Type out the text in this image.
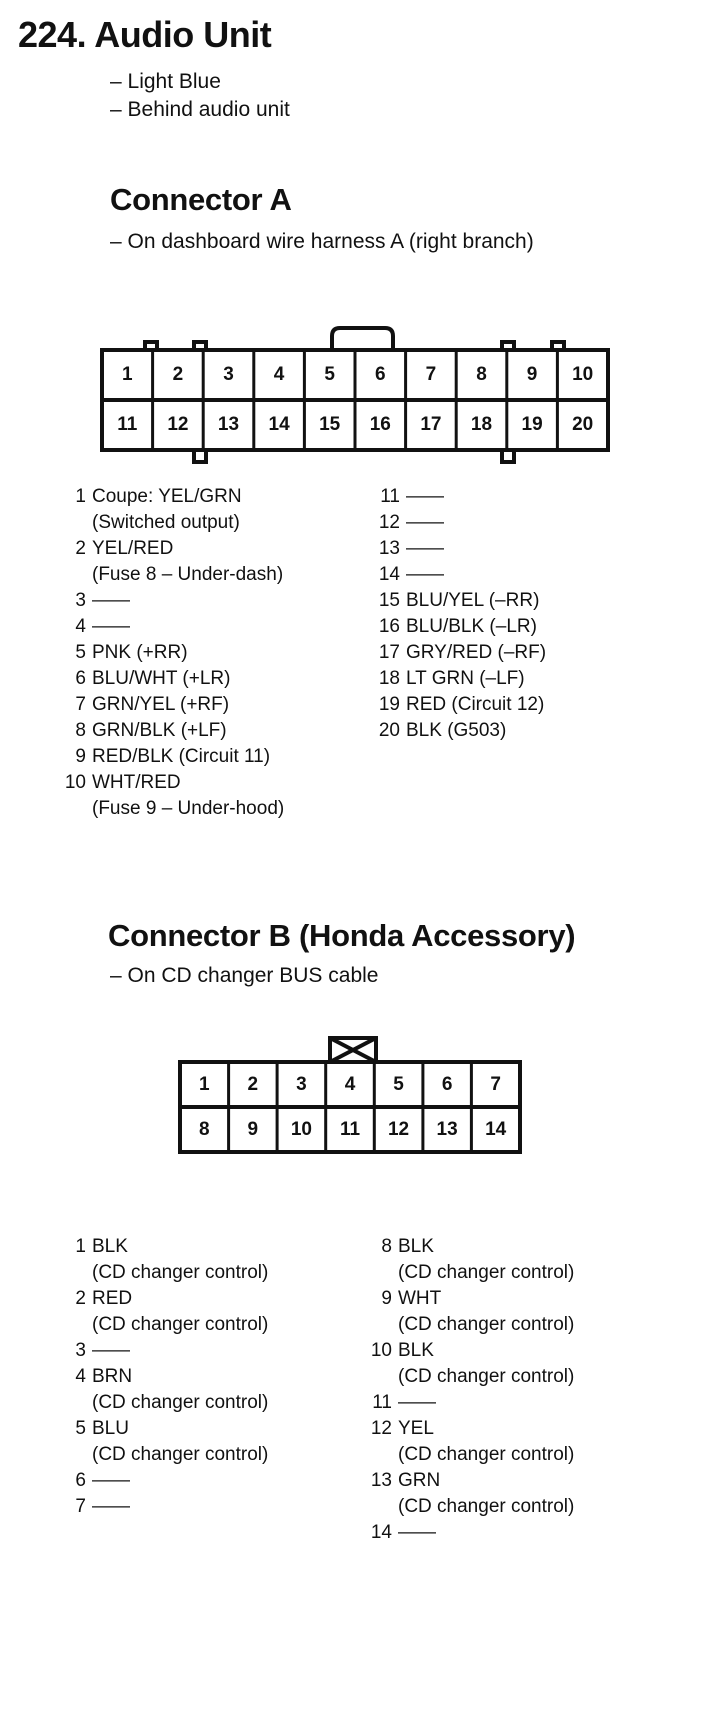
224. Audio Unit
– Light Blue
– Behind audio unit
Connector A
– On dashboard wire harness A (right branch)
1	2	3	4	5	6	7	8	9	10
11	12	13	14	15	16	17	18	19	20
1 Coupe: YEL/GRN
(Switched output)
2 YEL/RED
(Fuse 8 – Under-dash)
3 ——
4 ——
5 PNK (+RR)
6 BLU/WHT (+LR)
7 GRN/YEL (+RF)
8 GRN/BLK (+LF)
9 RED/BLK (Circuit 11)
10 WHT/RED
(Fuse 9 – Under-hood)
11 ——
12 ——
13 ——
14 ——
15 BLU/YEL (–RR)
16 BLU/BLK (–LR)
17 GRY/RED (–RF)
18 LT GRN (–LF)
19 RED (Circuit 12)
20 BLK (G503)
Connector B (Honda Accessory)
– On CD changer BUS cable
1	2	3	4	5	6	7
8	9	10	11	12	13	14
1 BLK
(CD changer control)
2 RED
(CD changer control)
3 ——
4 BRN
(CD changer control)
5 BLU
(CD changer control)
6 ——
7 ——
8 BLK
(CD changer control)
9 WHT
(CD changer control)
10 BLK
(CD changer control)
11 ——
12 YEL
(CD changer control)
13 GRN
(CD changer control)
14 ——
